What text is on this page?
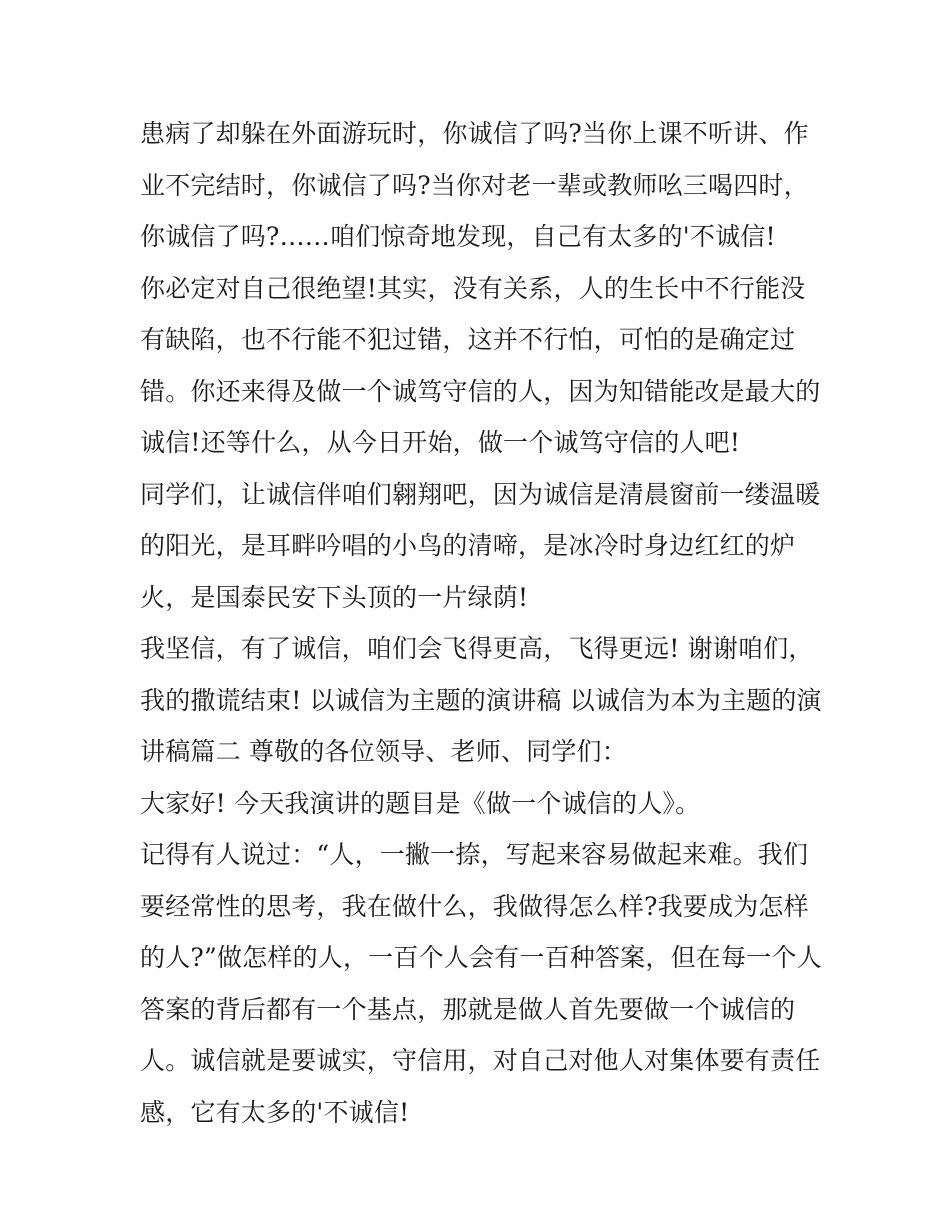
患病了却躲在外面游玩时，你诚信了吗?当你上课不听讲、作
业不完结时，你诚信了吗?当你对老一辈或教师吆三喝四时，
你诚信了吗?……咱们惊奇地发现，自己有太多的'不诚信!
你必定对自己很绝望!其实，没有关系，人的生长中不行能没
有缺陷，也不行能不犯过错，这并不行怕，可怕的是确定过
错。你还来得及做一个诚笃守信的人，因为知错能改是最大的
诚信!还等什么，从今日开始，做一个诚笃守信的人吧!
同学们，让诚信伴咱们翱翔吧，因为诚信是清晨窗前一缕温暖
的阳光，是耳畔吟唱的小鸟的清啼，是冰冷时身边红红的炉
火，是国泰民安下头顶的一片绿荫!
我坚信，有了诚信，咱们会飞得更高，飞得更远! 谢谢咱们，
我的撒谎结束! 以诚信为主题的演讲稿 以诚信为本为主题的演
讲稿篇二 尊敬的各位领导、老师、同学们：
大家好! 今天我演讲的题目是《做一个诚信的人》。
记得有人说过：“人，一撇一捺，写起来容易做起来难。我们
要经常性的思考，我在做什么，我做得怎么样?我要成为怎样
的人?”做怎样的人，一百个人会有一百种答案，但在每一个人
答案的背后都有一个基点，那就是做人首先要做一个诚信的
人。诚信就是要诚实，守信用，对自己对他人对集体要有责任
感，它有太多的'不诚信!
